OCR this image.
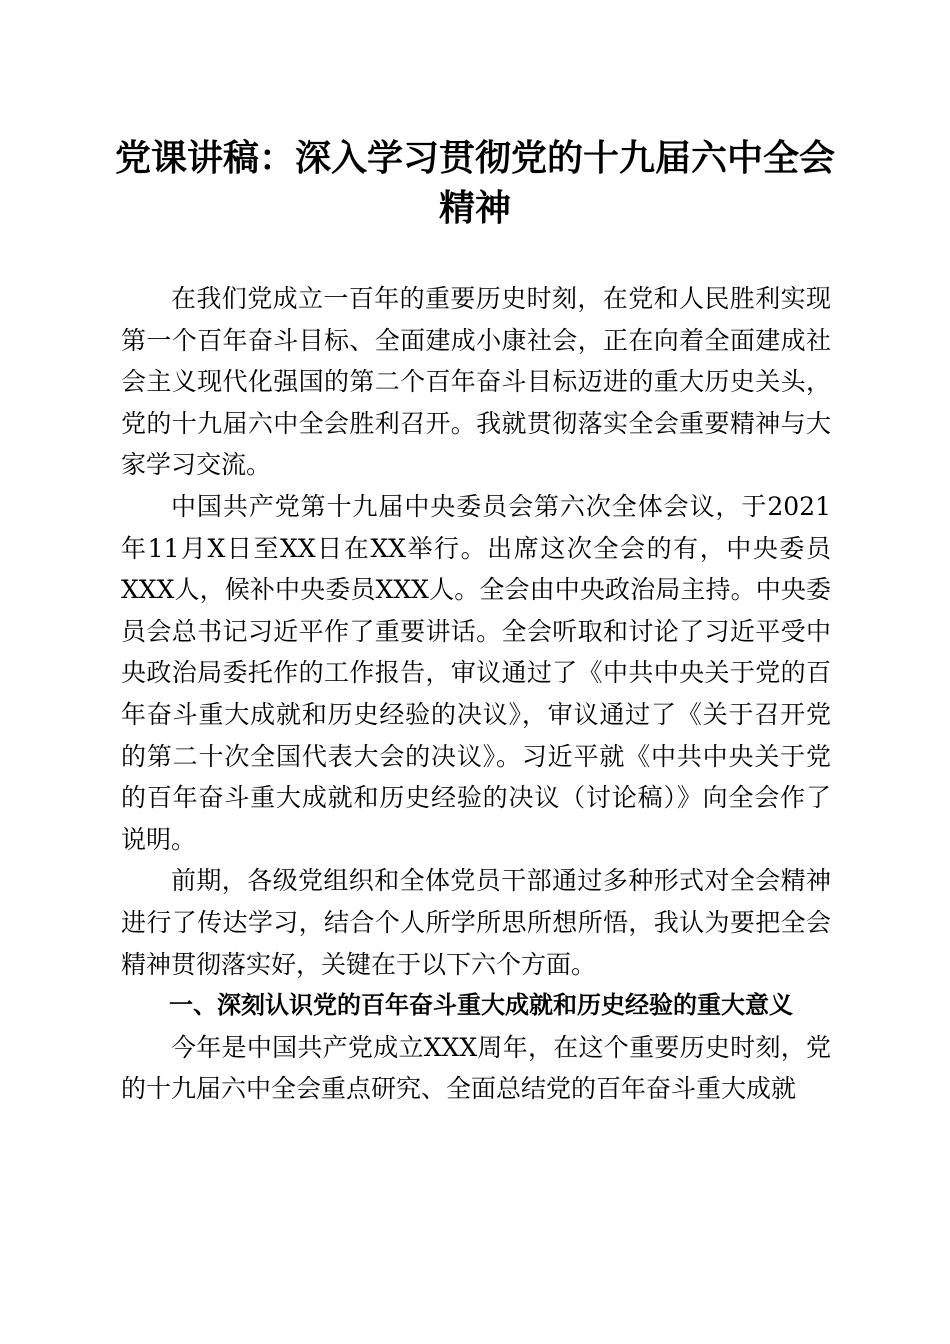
党课讲稿：深入学习贯彻党的十九届六中全会精神

在我们党成立一百年的重要历史时刻，在党和人民胜利实现第一个百年奋斗目标、全面建成小康社会，正在向着全面建成社会主义现代化强国的第二个百年奋斗目标迈进的重大历史关头，党的十九届六中全会胜利召开。我就贯彻落实全会重要精神与大家学习交流。

中国共产党第十九届中央委员会第六次全体会议，于2021年11月X日至XX日在XX举行。出席这次全会的有，中央委员XXX人，候补中央委员XXX人。全会由中央政治局主持。中央委员会总书记习近平作了重要讲话。全会听取和讨论了习近平受中央政治局委托作的工作报告，审议通过了《中共中央关于党的百年奋斗重大成就和历史经验的决议》，审议通过了《关于召开党的第二十次全国代表大会的决议》。习近平就《中共中央关于党的百年奋斗重大成就和历史经验的决议（讨论稿）》向全会作了说明。

前期，各级党组织和全体党员干部通过多种形式对全会精神进行了传达学习，结合个人所学所思所想所悟，我认为要把全会精神贯彻落实好，关键在于以下六个方面。

一、深刻认识党的百年奋斗重大成就和历史经验的重大意义

今年是中国共产党成立XXX周年，在这个重要历史时刻，党的十九届六中全会重点研究、全面总结党的百年奋斗重大成就
